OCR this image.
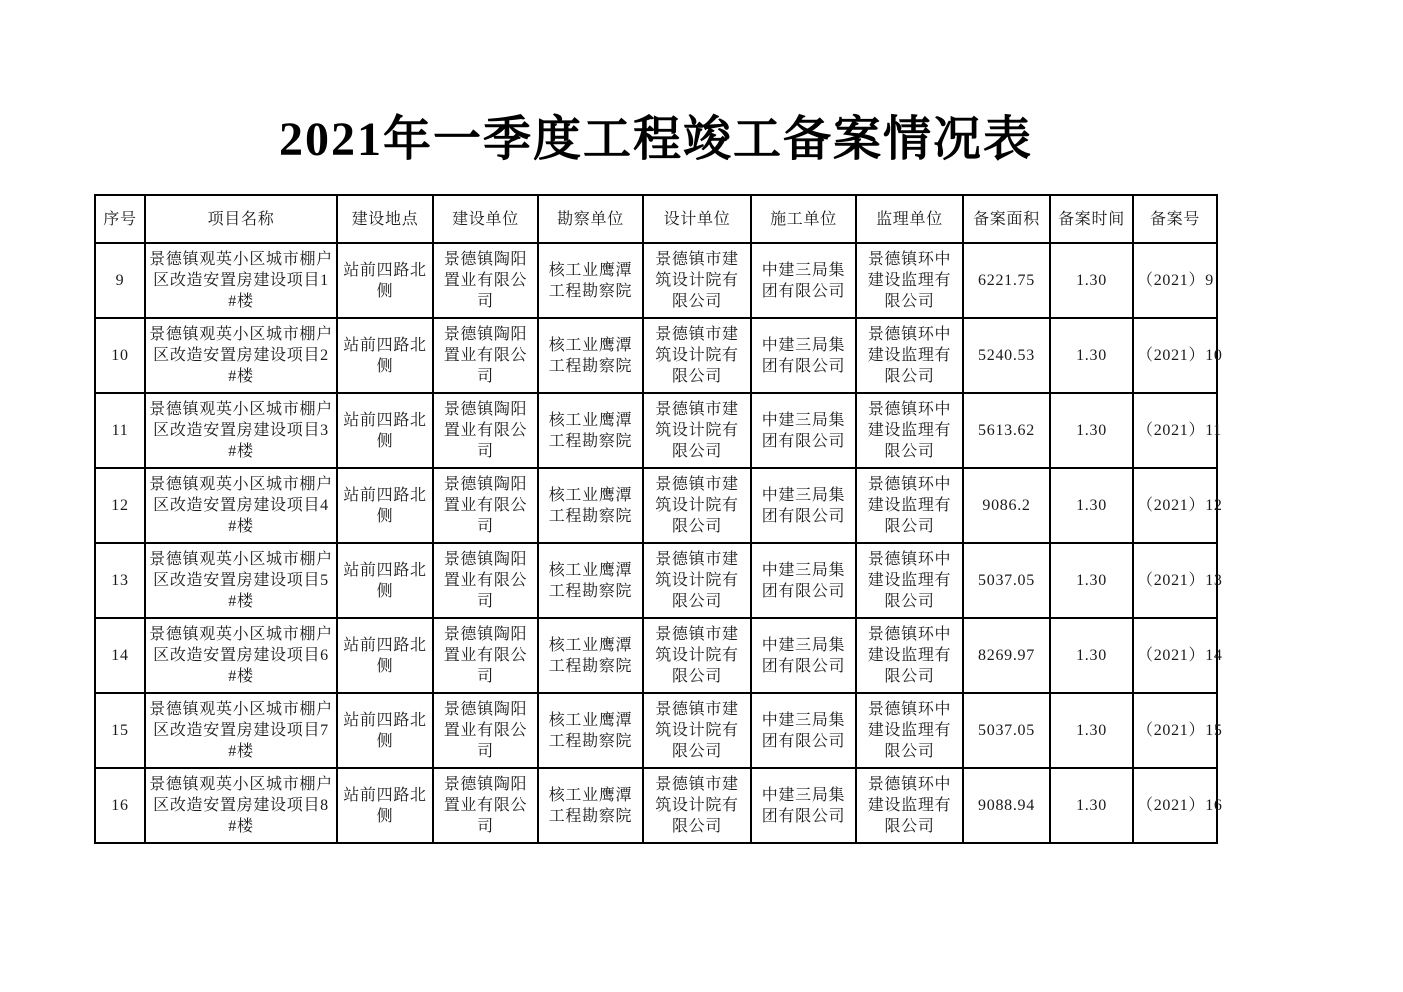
2021年一季度工程竣工备案情况表
序号	项目名称	建设地点	建设单位	勘察单位	设计单位	施工单位	监理单位	备案面积	备案时间	备案号
9	景德镇观英小区城市棚户区改造安置房建设项目1#楼	站前四路北侧	景德镇陶阳置业有限公司	核工业鹰潭工程勘察院	景德镇市建筑设计院有限公司	中建三局集团有限公司	景德镇环中建设监理有限公司	6221.75	1.30	（2021）9
10	景德镇观英小区城市棚户区改造安置房建设项目2#楼	站前四路北侧	景德镇陶阳置业有限公司	核工业鹰潭工程勘察院	景德镇市建筑设计院有限公司	中建三局集团有限公司	景德镇环中建设监理有限公司	5240.53	1.30	（2021）10
11	景德镇观英小区城市棚户区改造安置房建设项目3#楼	站前四路北侧	景德镇陶阳置业有限公司	核工业鹰潭工程勘察院	景德镇市建筑设计院有限公司	中建三局集团有限公司	景德镇环中建设监理有限公司	5613.62	1.30	（2021）11
12	景德镇观英小区城市棚户区改造安置房建设项目4#楼	站前四路北侧	景德镇陶阳置业有限公司	核工业鹰潭工程勘察院	景德镇市建筑设计院有限公司	中建三局集团有限公司	景德镇环中建设监理有限公司	9086.2	1.30	（2021）12
13	景德镇观英小区城市棚户区改造安置房建设项目5#楼	站前四路北侧	景德镇陶阳置业有限公司	核工业鹰潭工程勘察院	景德镇市建筑设计院有限公司	中建三局集团有限公司	景德镇环中建设监理有限公司	5037.05	1.30	（2021）13
14	景德镇观英小区城市棚户区改造安置房建设项目6#楼	站前四路北侧	景德镇陶阳置业有限公司	核工业鹰潭工程勘察院	景德镇市建筑设计院有限公司	中建三局集团有限公司	景德镇环中建设监理有限公司	8269.97	1.30	（2021）14
15	景德镇观英小区城市棚户区改造安置房建设项目7#楼	站前四路北侧	景德镇陶阳置业有限公司	核工业鹰潭工程勘察院	景德镇市建筑设计院有限公司	中建三局集团有限公司	景德镇环中建设监理有限公司	5037.05	1.30	（2021）15
16	景德镇观英小区城市棚户区改造安置房建设项目8#楼	站前四路北侧	景德镇陶阳置业有限公司	核工业鹰潭工程勘察院	景德镇市建筑设计院有限公司	中建三局集团有限公司	景德镇环中建设监理有限公司	9088.94	1.30	（2021）16
